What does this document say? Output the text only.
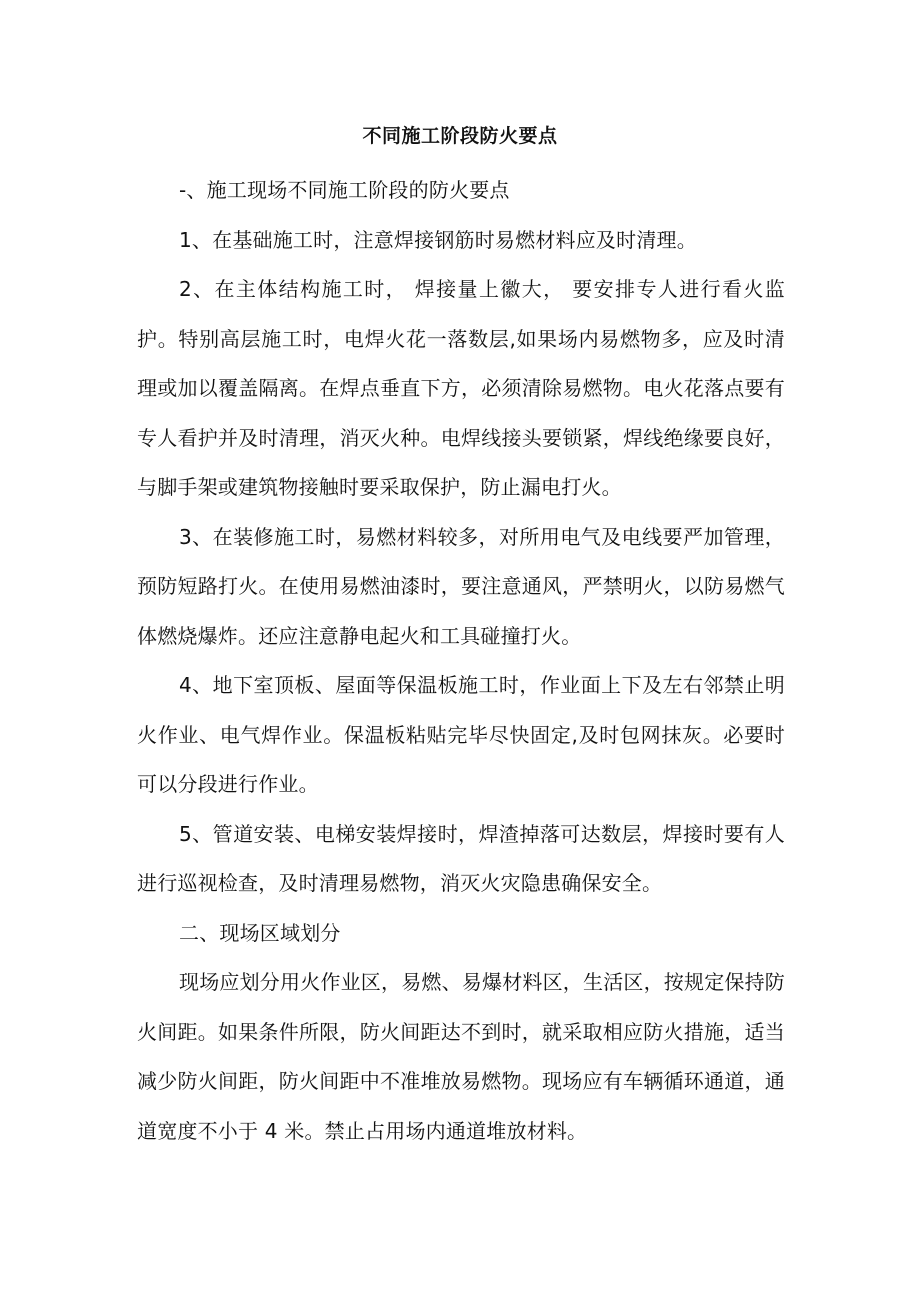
不同施工阶段防火要点

-、施工现场不同施工阶段的防火要点

1、在基础施工时，注意焊接钢筋时易燃材料应及时清理。

2、在主体结构施工时， 焊接量上徽大， 要安排专人进行看火监护。特别高层施工时，电焊火花一落数层,如果场内易燃物多，应及时清理或加以覆盖隔离。在焊点垂直下方，必须清除易燃物。电火花落点要有专人看护并及时清理，消灭火种。电焊线接头要锁紧，焊线绝缘要良好，与脚手架或建筑物接触时要采取保护，防止漏电打火。

3、在装修施工时，易燃材料较多，对所用电气及电线要严加管理，预防短路打火。在使用易燃油漆时，要注意通风，严禁明火，以防易燃气体燃烧爆炸。还应注意静电起火和工具碰撞打火。

4、地下室顶板、屋面等保温板施工时，作业面上下及左右邻禁止明火作业、电气焊作业。保温板粘贴完毕尽快固定,及时包网抹灰。必要时可以分段进行作业。

5、管道安装、电梯安装焊接时，焊渣掉落可达数层，焊接时要有人进行巡视检查，及时清理易燃物，消灭火灾隐患确保安全。

二、现场区域划分

现场应划分用火作业区，易燃、易爆材料区，生活区，按规定保持防火间距。如果条件所限，防火间距达不到时，就采取相应防火措施，适当减少防火间距，防火间距中不准堆放易燃物。现场应有车辆循环通道，通道宽度不小于 4 米。禁止占用场内通道堆放材料。
